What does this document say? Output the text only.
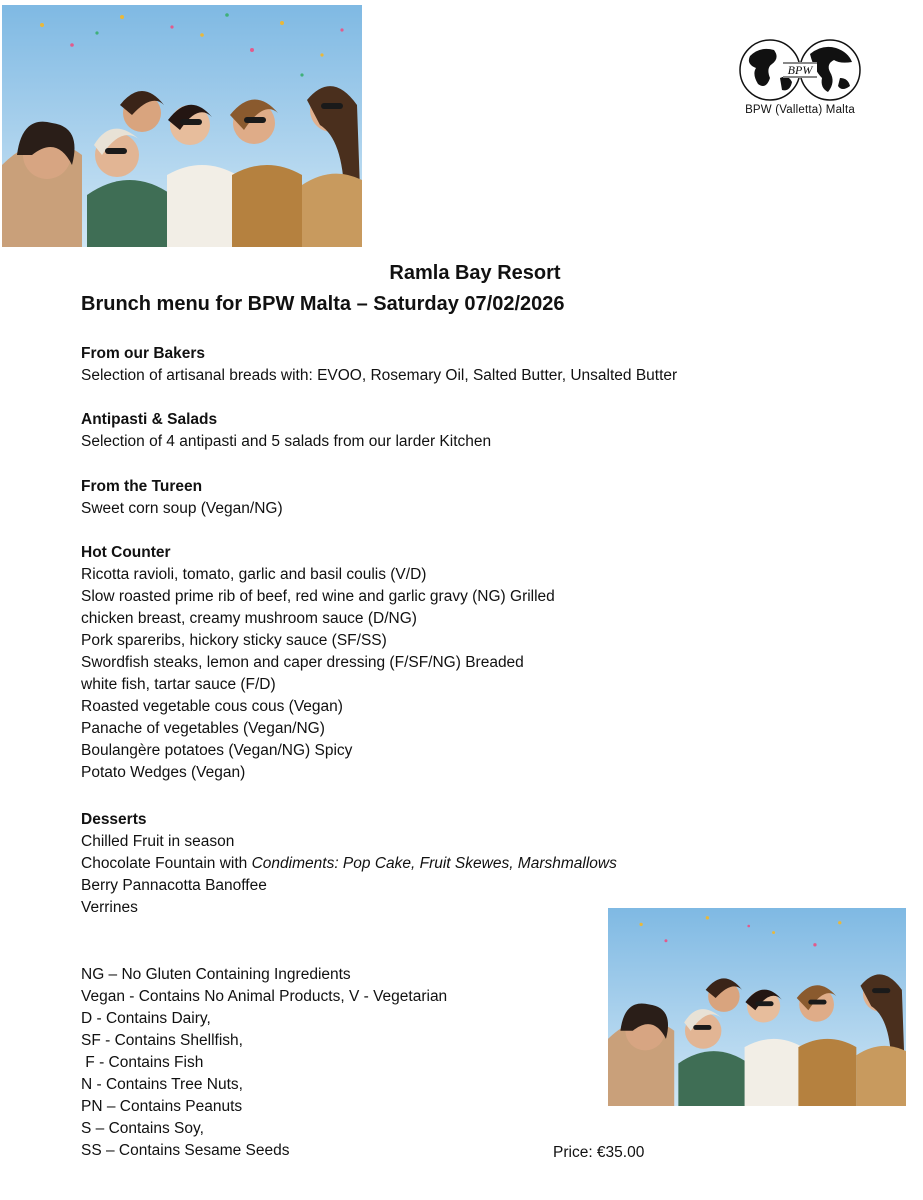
BPW
BPW (Valletta) Malta
Ramla Bay Resort
Brunch menu for BPW Malta – Saturday 07/02/2026
From our Bakers
Selection of artisanal breads with: EVOO, Rosemary Oil, Salted Butter, Unsalted Butter
Antipasti & Salads
Selection of 4 antipasti and 5 salads from our larder Kitchen
From the Tureen
Sweet corn soup (Vegan/NG)
Hot Counter
Ricotta ravioli, tomato, garlic and basil coulis (V/D)
Slow roasted prime rib of beef, red wine and garlic gravy (NG) Grilled
chicken breast, creamy mushroom sauce (D/NG)
Pork spareribs, hickory sticky sauce (SF/SS)
Swordfish steaks, lemon and caper dressing (F/SF/NG) Breaded
white fish, tartar sauce (F/D)
Roasted vegetable cous cous (Vegan)
Panache of vegetables (Vegan/NG)
Boulangère potatoes (Vegan/NG) Spicy
Potato Wedges (Vegan)
Desserts
Chilled Fruit in season
Chocolate Fountain with Condiments: Pop Cake, Fruit Skewes, Marshmallows
Berry Pannacotta Banoffee
Verrines
NG – No Gluten Containing Ingredients
Vegan - Contains No Animal Products, V - Vegetarian
D - Contains Dairy,
SF - Contains Shellfish,
F - Contains Fish
N - Contains Tree Nuts,
PN – Contains Peanuts
S – Contains Soy,
SS – Contains Sesame Seeds	Price: €35.00
